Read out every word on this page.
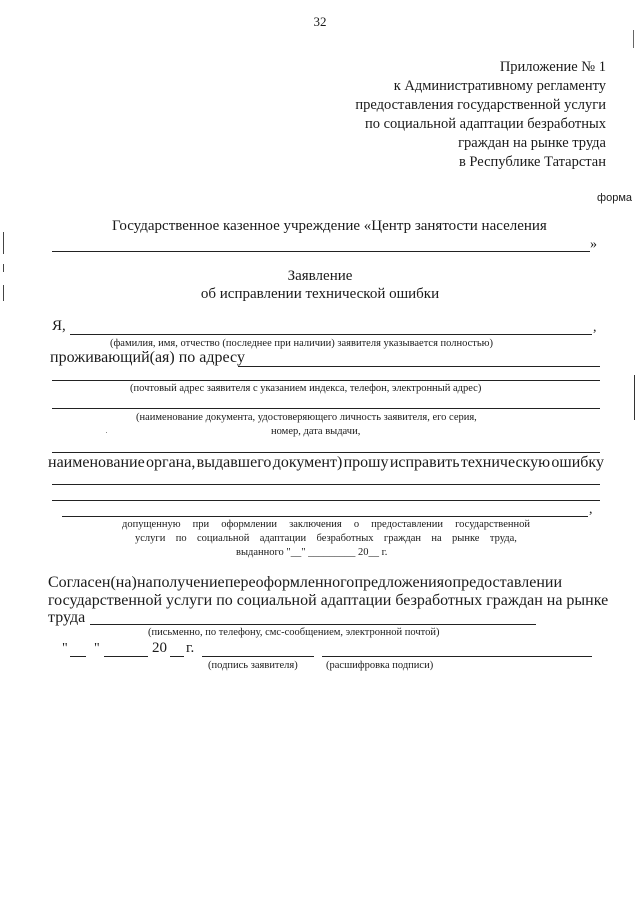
32
Приложение № 1
к Административному регламенту
предоставления государственной услуги
по социальной адаптации безработных
граждан на рынке труда
в Республике Татарстан
форма
Государственное казенное учреждение «Центр занятости населения
»
Заявление
об исправлении технической ошибки
Я,	,
(фамилия, имя, отчество (последнее при наличии) заявителя указывается полностью)
проживающий(ая) по адресу
(почтовый адрес заявителя с указанием индекса, телефон, электронный адрес)
(наименование документа, удостоверяющего личность заявителя, его серия,
номер, дата выдачи,
наименование органа, выдавшего документ) прошу исправить техническую ошибку
,
допущенную при оформлении заключения о предоставлении государственной
услуги по социальной адаптации безработных граждан на рынке труда,
выданного "__" _________ 20__ г.
Согласен(на) на получение переоформленного предложения о предоставлении
государственной услуги по социальной адаптации безработных граждан на рынке
труда
(письменно, по телефону, смс-сообщением, электронной почтой)
" "	20 г.
(подпись заявителя)	(расшифровка подписи)
